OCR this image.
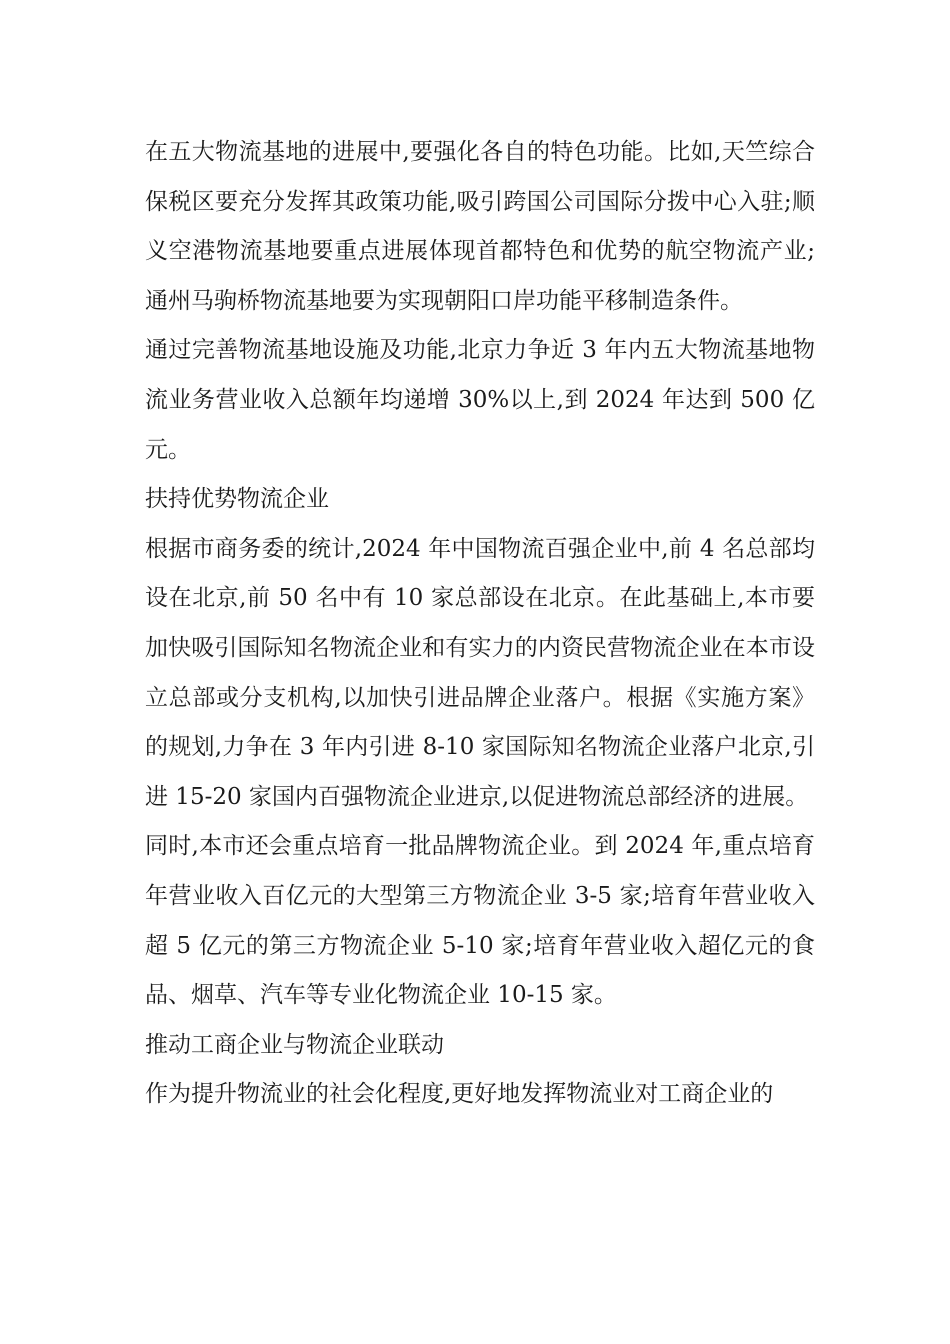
在五大物流基地的进展中,要强化各自的特色功能。比如,天竺综合保税区要充分发挥其政策功能,吸引跨国公司国际分拨中心入驻;顺义空港物流基地要重点进展体现首都特色和优势的航空物流产业;通州马驹桥物流基地要为实现朝阳口岸功能平移制造条件。

通过完善物流基地设施及功能,北京力争近 3 年内五大物流基地物流业务营业收入总额年均递增 30%以上,到 2024 年达到 500 亿元。

扶持优势物流企业

根据市商务委的统计,2024 年中国物流百强企业中,前 4 名总部均设在北京,前 50 名中有 10 家总部设在北京。在此基础上,本市要加快吸引国际知名物流企业和有实力的内资民营物流企业在本市设立总部或分支机构,以加快引进品牌企业落户。根据《实施方案》的规划,力争在 3 年内引进 8-10 家国际知名物流企业落户北京,引进 15-20 家国内百强物流企业进京,以促进物流总部经济的进展。

同时,本市还会重点培育一批品牌物流企业。到 2024 年,重点培育年营业收入百亿元的大型第三方物流企业 3-5 家;培育年营业收入超 5 亿元的第三方物流企业 5-10 家;培育年营业收入超亿元的食品、烟草、汽车等专业化物流企业 10-15 家。

推动工商企业与物流企业联动

作为提升物流业的社会化程度,更好地发挥物流业对工商企业的
